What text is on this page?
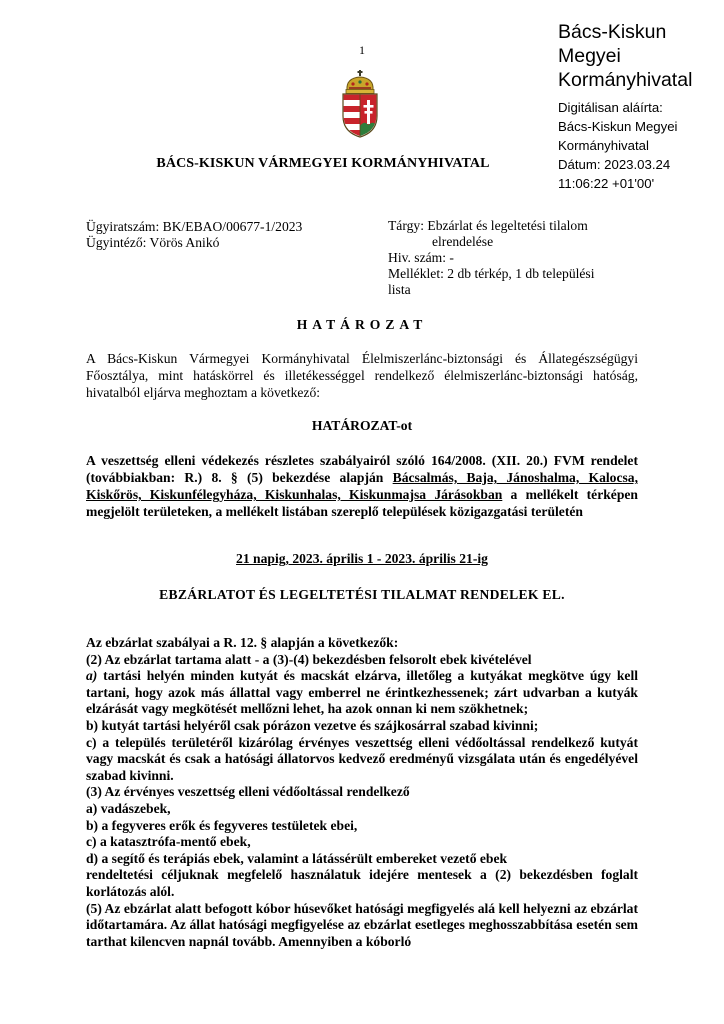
1
BÁCS-KISKUN VÁRMEGYEI KORMÁNYHIVATAL
Bács-Kiskun
Megyei
Kormányhivatal
Digitálisan aláírta:
Bács-Kiskun Megyei
Kormányhivatal
Dátum: 2023.03.24
11:06:22 +01'00'
Ügyiratszám: BK/EBAO/00677-1/2023
Ügyintéző: Vörös Anikó
Tárgy: Ebzárlat és legeltetési tilalom
elrendelése
Hiv. szám: -
Melléklet: 2 db térkép, 1 db települési
lista
HATÁROZAT
A Bács-Kiskun Vármegyei Kormányhivatal Élelmiszerlánc-biztonsági és Állategészségügyi Főosztálya, mint hatáskörrel és illetékességgel rendelkező élelmiszerlánc-biztonsági hatóság, hivatalból eljárva meghoztam a következő:
HATÁROZAT-ot
A veszettség elleni védekezés részletes szabályairól szóló 164/2008. (XII. 20.) FVM rendelet (továbbiakban: R.) 8. § (5) bekezdése alapján Bácsalmás, Baja, Jánoshalma, Kalocsa, Kiskőrös, Kiskunfélegyháza, Kiskunhalas, Kiskunmajsa Járásokban a mellékelt térképen megjelölt területeken, a mellékelt listában szereplő települések közigazgatási területén
21 napig, 2023. április 1 - 2023. április 21-ig
EBZÁRLATOT ÉS LEGELTETÉSI TILALMAT RENDELEK EL.

Az ebzárlat szabályai a R. 12. § alapján a következők:

(2) Az ebzárlat tartama alatt - a (3)-(4) bekezdésben felsorolt ebek kivételével

a) tartási helyén minden kutyát és macskát elzárva, illetőleg a kutyákat megkötve úgy kell tartani, hogy azok más állattal vagy emberrel ne érintkezhessenek; zárt udvarban a kutyák elzárását vagy megkötését mellőzni lehet, ha azok onnan ki nem szökhetnek;

b) kutyát tartási helyéről csak pórázon vezetve és szájkosárral szabad kivinni;

c) a település területéről kizárólag érvényes veszettség elleni védőoltással rendelkező kutyát vagy macskát és csak a hatósági állatorvos kedvező eredményű vizsgálata után és engedélyével szabad kivinni.

(3) Az érvényes veszettség elleni védőoltással rendelkező

a) vadászebek,

b) a fegyveres erők és fegyveres testületek ebei,

c) a katasztrófa-mentő ebek,

d) a segítő és terápiás ebek, valamint a látássérült embereket vezető ebek

rendeltetési céljuknak megfelelő használatuk idejére mentesek a (2) bekezdésben foglalt korlátozás alól.

(5) Az ebzárlat alatt befogott kóbor húsevőket hatósági megfigyelés alá kell helyezni az ebzárlat időtartamára. Az állat hatósági megfigyelése az ebzárlat esetleges meghosszabbítása esetén sem tarthat kilencven napnál tovább. Amennyiben a kóborló
